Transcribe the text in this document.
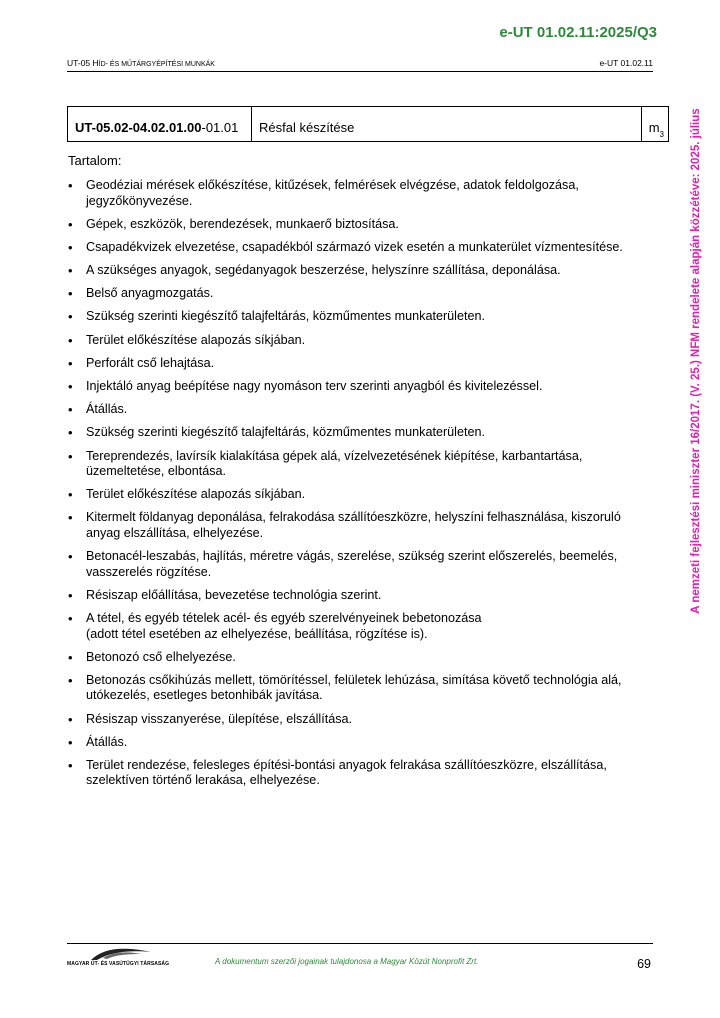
e-UT 01.02.11:2025/Q3
UT-05 HÍD- ÉS MŰTÁRGYÉPÍTÉSI MUNKÁK	e-UT 01.02.11
A nemzeti fejlesztési miniszter 16/2017. (V. 25.) NFM rendelete alapján közzétéve: 2025. július
UT-05.02-04.02.01.00 -01.01 Résfal készítése	m 3
Tartalom:
• Geodéziai mérések előkészítése, kitűzések, felmérések elvégzése, adatok feldolgozása, jegyzőkönyvezése.
• Gépek, eszközök, berendezések, munkaerő biztosítása.
• Csapadékvizek elvezetése, csapadékból származó vizek esetén a munkaterület vízmentesítése.
• A szükséges anyagok, segédanyagok beszerzése, helyszínre szállítása, deponálása.
• Belső anyagmozgatás.
• Szükség szerinti kiegészítő talajfeltárás, közműmentes munkaterületen.
• Terület előkészítése alapozás síkjában.
• Perforált cső lehajtása.
• Injektáló anyag beépítése nagy nyomáson terv szerinti anyagból és kivitelezéssel.
• Átállás.
• Szükség szerinti kiegészítő talajfeltárás, közműmentes munkaterületen.
• Tereprendezés, lavírsík kialakítása gépek alá, vízelvezetésének kiépítése, karbantartása, üzemeltetése, elbontása.
• Terület előkészítése alapozás síkjában.
• Kitermelt földanyag deponálása, felrakodása szállítóeszközre, helyszíni felhasználása, kiszoruló anyag elszállítása, elhelyezése.
• Betonacél-leszabás, hajlítás, méretre vágás, szerelése, szükség szerint előszerelés, beemelés, vasszerelés rögzítése.
• Résiszap előállítása, bevezetése technológia szerint.
• A tétel, és egyéb tételek acél- és egyéb szerelvényeinek bebetonozása
(adott tétel esetében az elhelyezése, beállítása, rögzítése is).
• Betonozó cső elhelyezése.
• Betonozás csőkihúzás mellett, tömörítéssel, felületek lehúzása, simítása követő technológia alá, utókezelés, esetleges betonhibák javítása.
• Résiszap visszanyerése, ülepítése, elszállítása.
• Átállás.
• Terület rendezése, felesleges építési-bontási anyagok felrakása szállítóeszközre, elszállítása, szelektíven történő lerakása, elhelyezése.
MAGYAR ÚT- ÉS VASÚTÜGYI TÁRSASÁG	A dokumentum szerzői jogainak tulajdonosa a Magyar Közút Nonprofit Zrt.	69
